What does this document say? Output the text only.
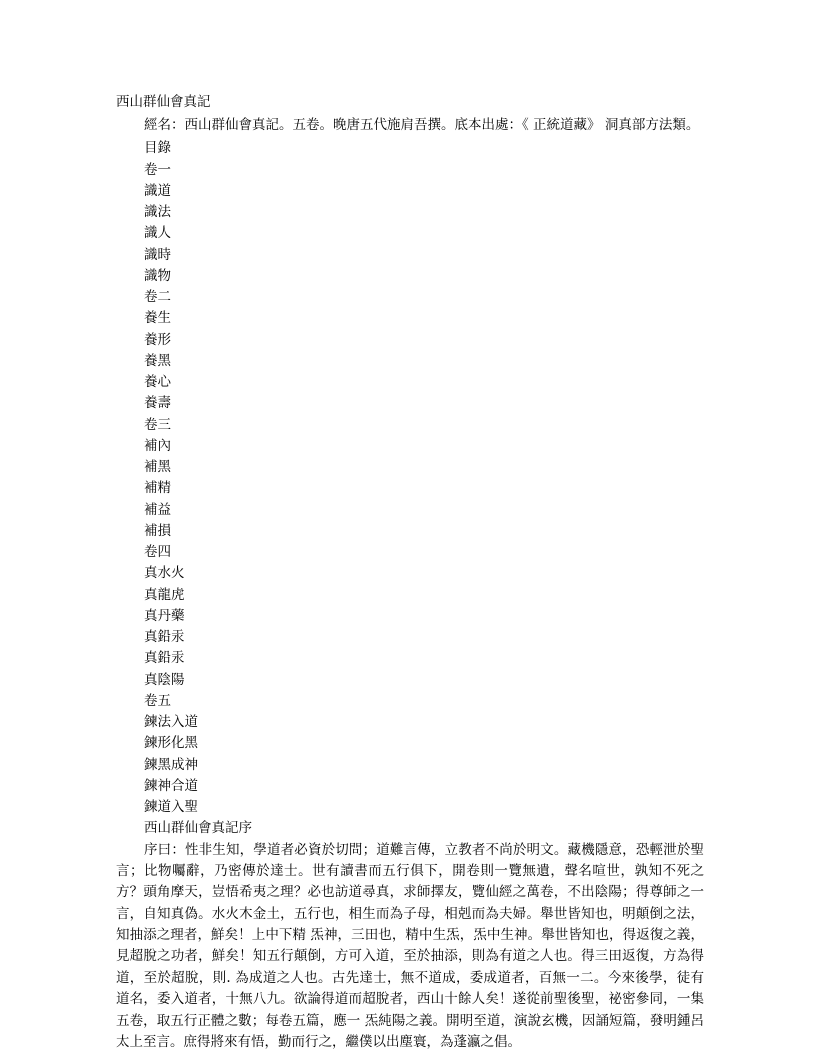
西山群仙會真記

經名：西山群仙會真記。五卷。晚唐五代施肩吾撰。底本出處：《 正統道藏》 洞真部方法類。

目錄

卷一
識道
識法
識人
識時
識物
卷二
養生
養形
養黑
養心
養壽
卷三
補內
補黑
補精
補益
補損
卷四
真水火
真龍虎
真丹藥
真鉛汞
真鉛汞
真陰陽
卷五
鍊法入道
鍊形化黑
鍊黑成神
鍊神合道
鍊道入聖

西山群仙會真記序

序曰：性非生知，學道者必資於切問；道難言傳，立教者不尚於明文。藏機隱意，恐輕泄於聖言；比物囑辭，乃密傳於達士。世有讀書而五行俱下，開卷則一覽無遺，聲名喧世，孰知不死之方？頭角摩天，豈悟希夷之理？必也訪道尋真，求師擇友，覽仙經之萬卷，不出陰陽；得尊師之一言，自知真偽。水火木金土，五行也，相生而為子母，相剋而為夫婦。舉世皆知也，明顛倒之法，知抽添之理者，鮮矣！上中下精 炁神，三田也，精中生炁，炁中生神。舉世皆知也，得返復之義，見超脫之功者，鮮矣！知五行顛倒，方可入道，至於抽添，則為有道之人也。得三田返復，方為得道，至於超脫，則. 為成道之人也。古先達士，無不道成，委成道者，百無一二。今來後學，徒有道名，委入道者，十無八九。欲論得道而超脫者，西山十餘人矣！遂從前聖後聖，祕密參同，一集五卷，取五行正體之數；每卷五篇，應一 炁純陽之義。開明至道，演說玄機，因誦短篇，發明鍾呂太上至言。庶得將來有悟，勤而行之，繼僕以出塵寰，為蓬瀛之倡。
